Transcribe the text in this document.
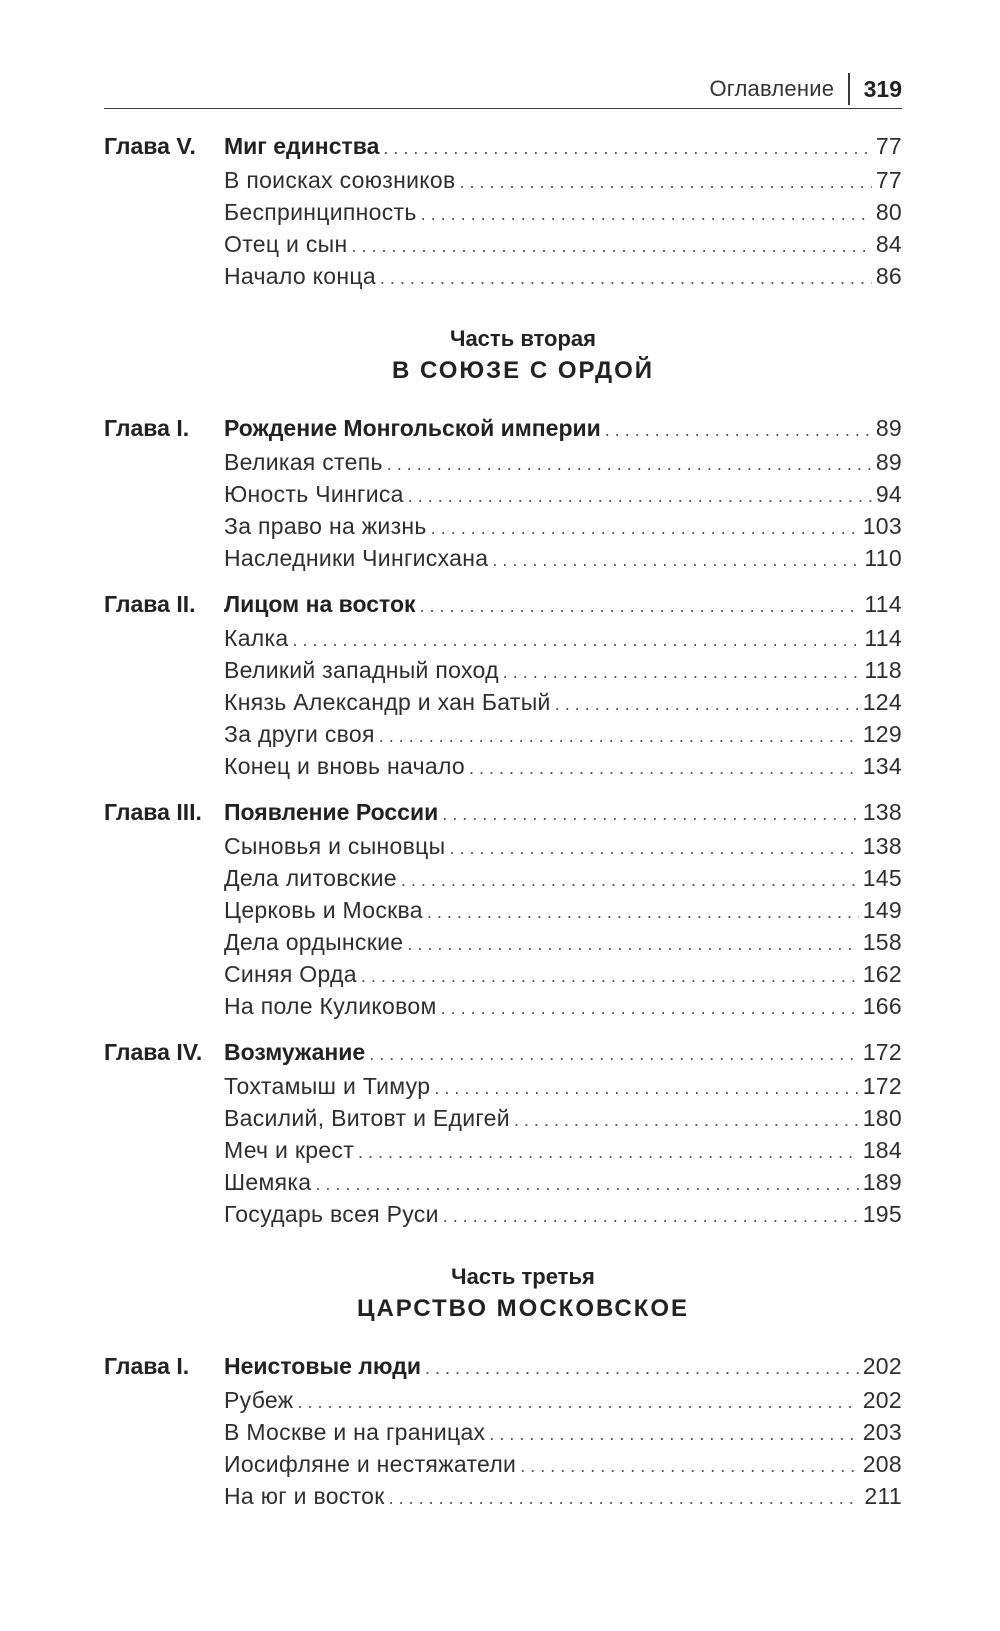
Оглавление 319
Глава V.	Миг единства . . .	77
В поисках союзников . . .	77
Беспринципность . . .	80
Отец и сын . . .	84
Начало конца . . .	86
Часть вторая
В СОЮЗЕ С ОРДОЙ
Глава I.	Рождение Монгольской империи . . .	89
Великая степь . . .	89
Юность Чингиса . . .	94
За право на жизнь . . .	103
Наследники Чингисхана . . .	110
Глава II.	Лицом на восток . . .	114
Калка . . .	114
Великий западный поход . . .	118
Князь Александр и хан Батый . . .	124
За други своя . . .	129
Конец и вновь начало . . .	134
Глава III. Появление России . . .	138
Сыновья и сыновцы . . .	138
Дела литовские . . .	145
Церковь и Москва . . .	149
Дела ордынские . . .	158
Синяя Орда . . .	162
На поле Куликовом . . .	166
Глава IV. Возмужание . . .	172
Тохтамыш и Тимур . . .	172
Василий, Витовт и Едигей . . .	180
Меч и крест . . .	184
Шемяка . . .	189
Государь всея Руси . . .	195
Часть третья
ЦАРСТВО МОСКОВСКОЕ
Глава I.	Неистовые люди . . .	202
Рубеж . . .	202
В Москве и на границах . . .	203
Иосифляне и нестяжатели . . .	208
На юг и восток . . .	211
